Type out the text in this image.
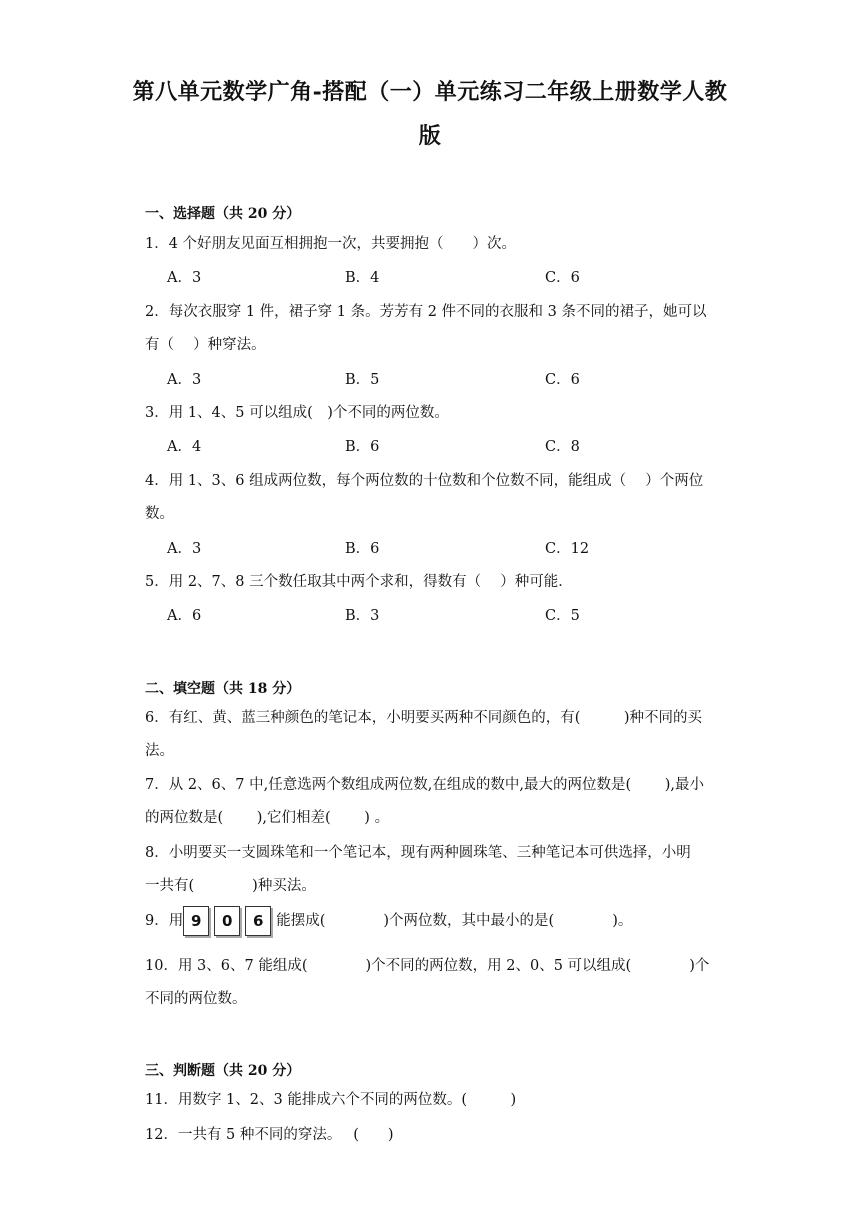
第八单元数学广角-搭配（一）单元练习二年级上册数学人教
版
一、选择题（共 20 分）
1．4 个好朋友见面互相拥抱一次，共要拥抱（　　）次。
A．3	B．4	C．6
2．每次衣服穿 1 件，裙子穿 1 条。芳芳有 2 件不同的衣服和 3 条不同的裙子，她可以
有（　 ）种穿法。
A．3	B．5	C．6
3．用 1、4、5 可以组成(　)个不同的两位数。
A．4	B．6	C．8
4．用 1、3、6 组成两位数，每个两位数的十位数和个位数不同，能组成（　 ）个两位
数。
A．3	B．6	C．12
5．用 2、7、8 三个数任取其中两个求和，得数有（　 ）种可能．
A．6	B．3	C．5
二、填空题（共 18 分）
6．有红、黄、蓝三种颜色的笔记本，小明要买两种不同颜色的，有(　　　)种不同的买
法。
7．从 2、6、7 中,任意选两个数组成两位数,在组成的数中,最大的两位数是(　　 ),最小
的两位数是(　　 ),它们相差(　　 ) 。
8．小明要买一支圆珠笔和一个笔记本，现有两种圆珠笔、三种笔记本可供选择，小明
一共有(　　　　)种买法。
9．用 9 0 6 能摆成(　　　　)个两位数，其中最小的是(　　　　)。
10．用 3、6、7 能组成(　　　　)个不同的两位数，用 2、0、5 可以组成(　　　　)个
不同的两位数。
三、判断题（共 20 分）
11．用数字 1、2、3 能排成六个不同的两位数。(　　　)
12．一共有 5 种不同的穿法。　 (　　)
